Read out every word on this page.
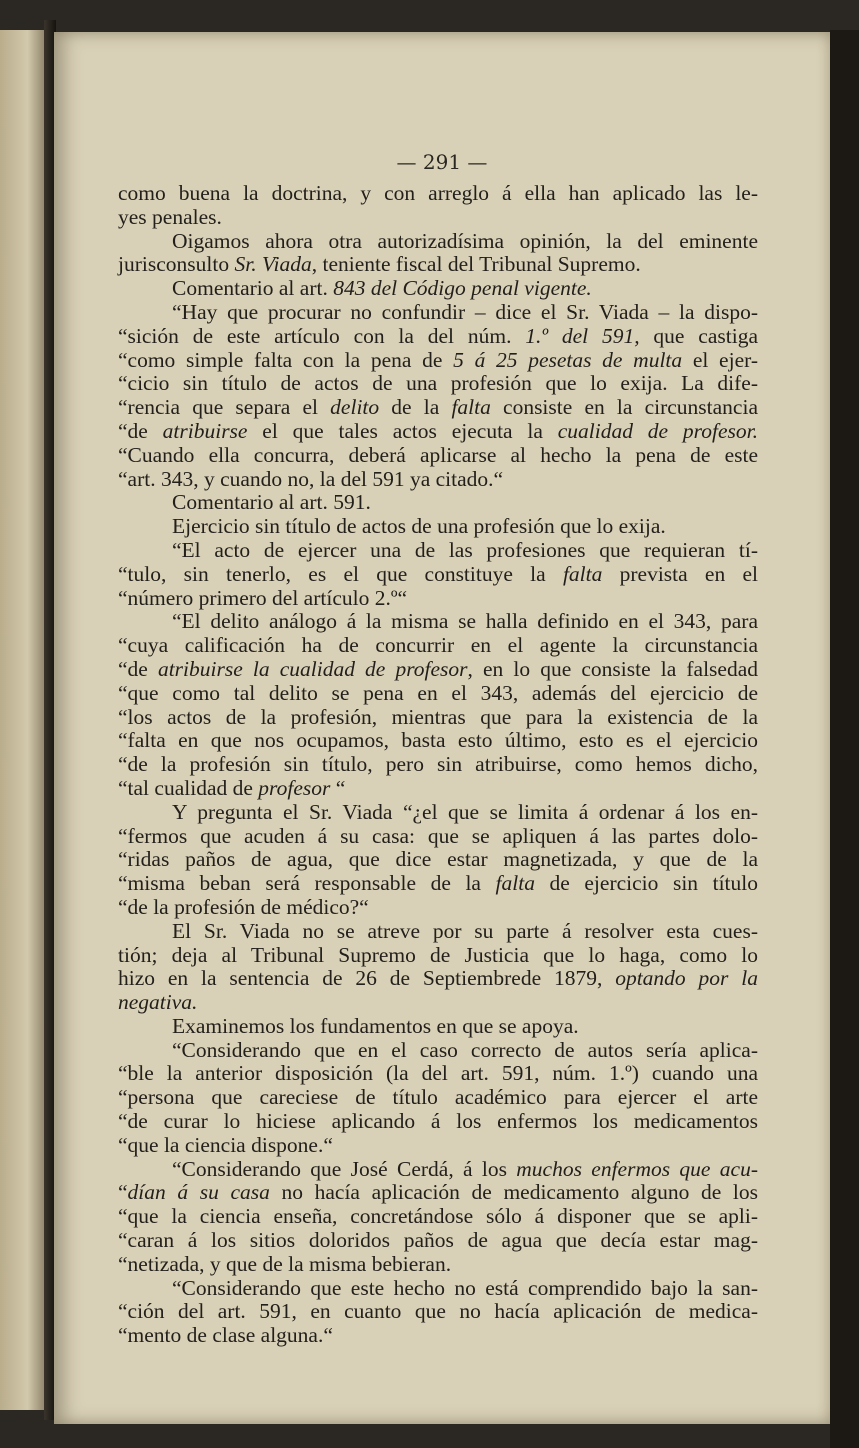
— 291 —
como buena la doctrina, y con arreglo á ella han aplicado las le-
yes penales.
Oigamos ahora otra autorizadísima opinión, la del eminente
jurisconsulto Sr. Viada, teniente fiscal del Tribunal Supremo.
Comentario al art. 843 del Código penal vigente.
“Hay que procurar no confundir – dice el Sr. Viada – la dispo-
“sición de este artículo con la del núm. 1.º del 591, que castiga
“como simple falta con la pena de 5 á 25 pesetas de multa el ejer-
“cicio sin título de actos de una profesión que lo exija. La dife-
“rencia que separa el delito de la falta consiste en la circunstancia
“de atribuirse el que tales actos ejecuta la cualidad de profesor.
“Cuando ella concurra, deberá aplicarse al hecho la pena de este
“art. 343, y cuando no, la del 591 ya citado.“
Comentario al art. 591.
Ejercicio sin título de actos de una profesión que lo exija.
“El acto de ejercer una de las profesiones que requieran tí-
“tulo, sin tenerlo, es el que constituye la falta prevista en el
“número primero del artículo 2.º“
“El delito análogo á la misma se halla definido en el 343, para
“cuya calificación ha de concurrir en el agente la circunstancia
“de atribuirse la cualidad de profesor, en lo que consiste la falsedad
“que como tal delito se pena en el 343, además del ejercicio de
“los actos de la profesión, mientras que para la existencia de la
“falta en que nos ocupamos, basta esto último, esto es el ejercicio
“de la profesión sin título, pero sin atribuirse, como hemos dicho,
“tal cualidad de profesor “
Y pregunta el Sr. Viada “¿el que se limita á ordenar á los en-
“fermos que acuden á su casa: que se apliquen á las partes dolo-
“ridas paños de agua, que dice estar magnetizada, y que de la
“misma beban será responsable de la falta de ejercicio sin título
“de la profesión de médico?“
El Sr. Viada no se atreve por su parte á resolver esta cues-
tión; deja al Tribunal Supremo de Justicia que lo haga, como lo
hizo en la sentencia de 26 de Septiembrede 1879, optando por la
negativa.
Examinemos los fundamentos en que se apoya.
“Considerando que en el caso correcto de autos sería aplica-
“ble la anterior disposición (la del art. 591, núm. 1.º) cuando una
“persona que careciese de título académico para ejercer el arte
“de curar lo hiciese aplicando á los enfermos los medicamentos
“que la ciencia dispone.“
“Considerando que José Cerdá, á los muchos enfermos que acu-
“dían á su casa no hacía aplicación de medicamento alguno de los
“que la ciencia enseña, concretándose sólo á disponer que se apli-
“caran á los sitios doloridos paños de agua que decía estar mag-
“netizada, y que de la misma bebieran.
“Considerando que este hecho no está comprendido bajo la san-
“ción del art. 591, en cuanto que no hacía aplicación de medica-
“mento de clase alguna.“
